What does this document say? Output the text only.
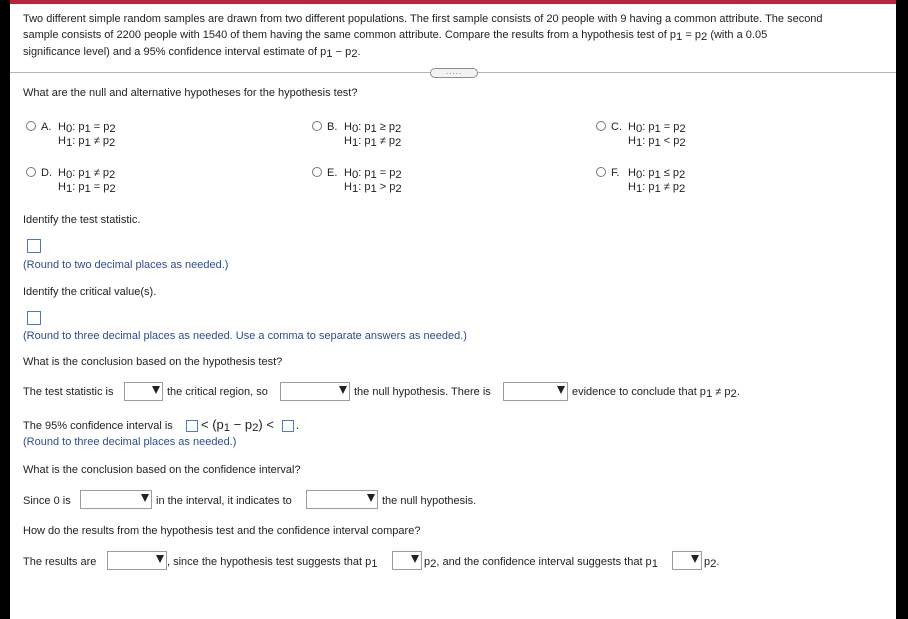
Two different simple random samples are drawn from two different populations. The first sample consists of 20 people with 9 having a common attribute. The second
sample consists of 2200 people with 1540 of them having the same common attribute. Compare the results from a hypothesis test of p1 = p2 (with a 0.05
significance level) and a 95% confidence interval estimate of p1 − p2.
.....
What are the null and alternative hypotheses for the hypothesis test?
A. H0: p1 = p2
H1: p1 ≠ p2
B. H0: p1 ≥ p2
H1: p1 ≠ p2
C. H0: p1 = p2
H1: p1 < p2
D. H0: p1 ≠ p2
H1: p1 = p2
E. H0: p1 = p2
H1: p1 > p2
F. H0: p1 ≤ p2
H1: p1 ≠ p2
Identify the test statistic.
(Round to two decimal places as needed.)
Identify the critical value(s).
(Round to three decimal places as needed. Use a comma to separate answers as needed.)
What is the conclusion based on the hypothesis test?
The test statistic is	the critical region, so	the null hypothesis. There is	evidence to conclude that p1 ≠ p2.
The 95% confidence interval is < (p1 − p2) < .
(Round to three decimal places as needed.)
What is the conclusion based on the confidence interval?
Since 0 is	in the interval, it indicates to	the null hypothesis.
How do the results from the hypothesis test and the confidence interval compare?
The results are	, since the hypothesis test suggests that p1	p2, and the confidence interval suggests that p1	p2.
